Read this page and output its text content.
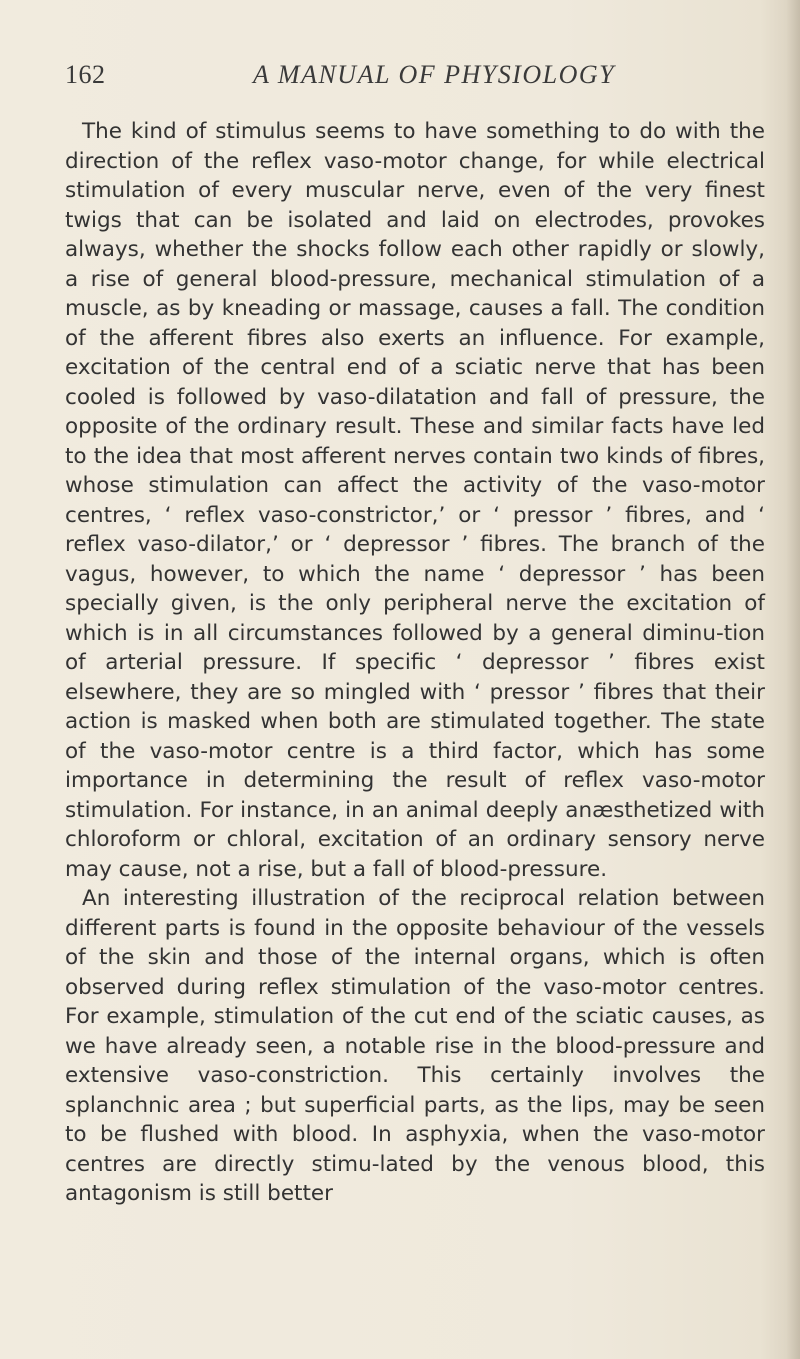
162	A MANUAL OF PHYSIOLOGY

The kind of stimulus seems to have something to do with the direction of the reflex vaso-motor change, for while electrical stimulation of every muscular nerve, even of the very finest twigs that can be isolated and laid on electrodes, provokes always, whether the shocks follow each other rapidly or slowly, a rise of general blood-pressure, mechanical stimulation of a muscle, as by kneading or massage, causes a fall. The condition of the afferent fibres also exerts an influence. For example, excitation of the central end of a sciatic nerve that has been cooled is followed by vaso-dilatation and fall of pressure, the opposite of the ordinary result. These and similar facts have led to the idea that most afferent nerves contain two kinds of fibres, whose stimulation can affect the activity of the vaso-motor centres, ‘ reflex vaso-constrictor,’ or ‘ pressor ’ fibres, and ‘ reflex vaso-dilator,’ or ‘ depressor ’ fibres. The branch of the vagus, however, to which the name ‘ depressor ’ has been specially given, is the only peripheral nerve the excitation of which is in all circumstances followed by a general diminu-tion of arterial pressure. If specific ‘ depressor ’ fibres exist elsewhere, they are so mingled with ‘ pressor ’ fibres that their action is masked when both are stimulated together. The state of the vaso-motor centre is a third factor, which has some importance in determining the result of reflex vaso-motor stimulation. For instance, in an animal deeply anæsthetized with chloroform or chloral, excitation of an ordinary sensory nerve may cause, not a rise, but a fall of blood-pressure.

An interesting illustration of the reciprocal relation between different parts is found in the opposite behaviour of the vessels of the skin and those of the internal organs, which is often observed during reflex stimulation of the vaso-motor centres. For example, stimulation of the cut end of the sciatic causes, as we have already seen, a notable rise in the blood-pressure and extensive vaso-constriction. This certainly involves the splanchnic area ; but superficial parts, as the lips, may be seen to be flushed with blood. In asphyxia, when the vaso-motor centres are directly stimu-lated by the venous blood, this antagonism is still better
